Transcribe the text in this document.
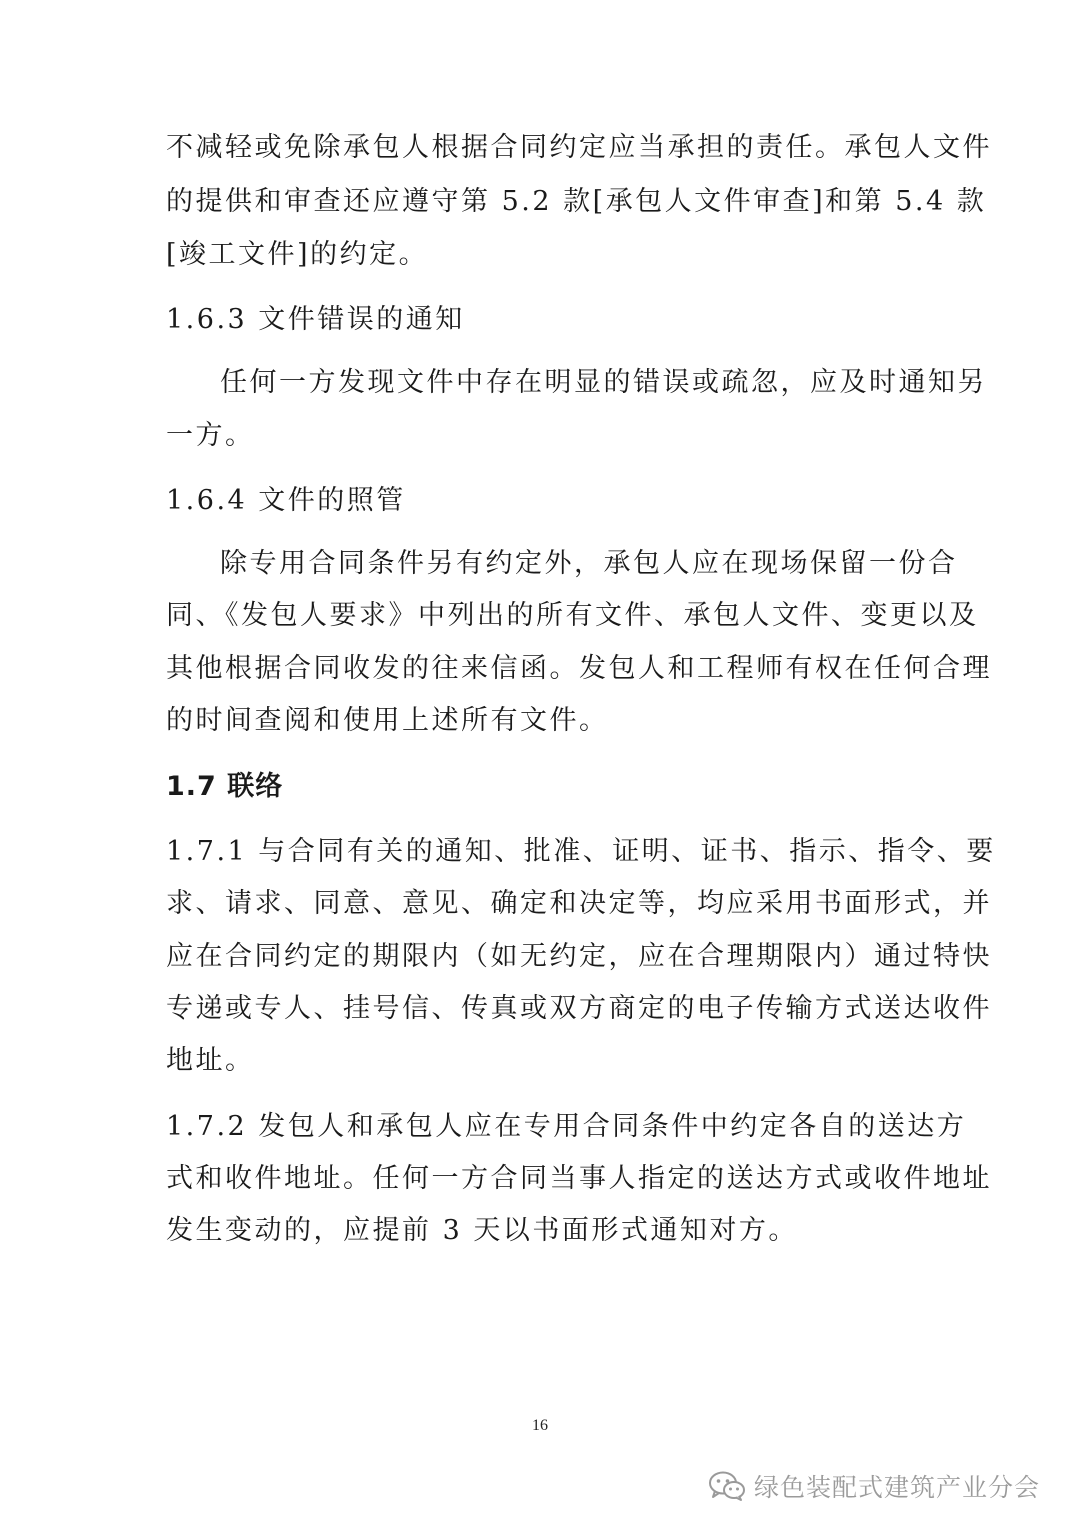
不减轻或免除承包人根据合同约定应当承担的责任。承包人文件
的提供和审查还应遵守第 5.2 款[承包人文件审查]和第 5.4 款
[竣工文件]的约定。
1.6.3 文件错误的通知
任何一方发现文件中存在明显的错误或疏忽，应及时通知另
一方。
1.6.4 文件的照管
除专用合同条件另有约定外，承包人应在现场保留一份合
同、《发包人要求》中列出的所有文件、承包人文件、变更以及
其他根据合同收发的往来信函。发包人和工程师有权在任何合理
的时间查阅和使用上述所有文件。
1.7 联络
1.7.1 与合同有关的通知、批准、证明、证书、指示、指令、要
求、请求、同意、意见、确定和决定等，均应采用书面形式，并
应在合同约定的期限内（如无约定，应在合理期限内）通过特快
专递或专人、挂号信、传真或双方商定的电子传输方式送达收件
地址。
1.7.2 发包人和承包人应在专用合同条件中约定各自的送达方
式和收件地址。任何一方合同当事人指定的送达方式或收件地址
发生变动的，应提前 3 天以书面形式通知对方。
16
绿色装配式建筑产业分会
